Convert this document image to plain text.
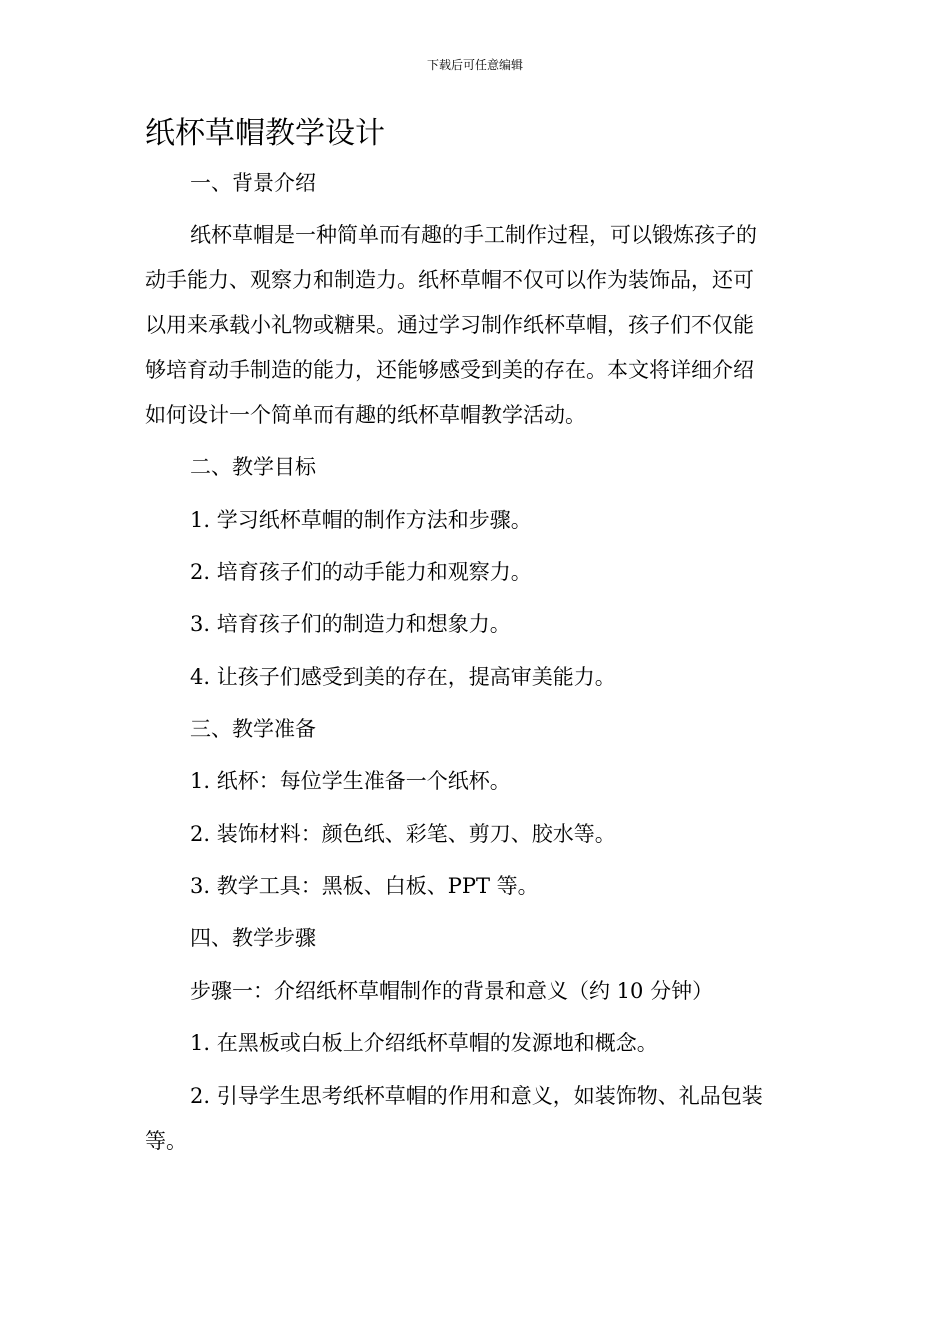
下载后可任意编辑
纸杯草帽教学设计
一、背景介绍
纸杯草帽是一种简单而有趣的手工制作过程，可以锻炼孩子的
动手能力、观察力和制造力。纸杯草帽不仅可以作为装饰品，还可
以用来承载小礼物或糖果。通过学习制作纸杯草帽，孩子们不仅能
够培育动手制造的能力，还能够感受到美的存在。本文将详细介绍
如何设计一个简单而有趣的纸杯草帽教学活动。
二、教学目标
1. 学习纸杯草帽的制作方法和步骤。
2. 培育孩子们的动手能力和观察力。
3. 培育孩子们的制造力和想象力。
4. 让孩子们感受到美的存在，提高审美能力。
三、教学准备
1. 纸杯：每位学生准备一个纸杯。
2. 装饰材料：颜色纸、彩笔、剪刀、胶水等。
3. 教学工具：黑板、白板、PPT 等。
四、教学步骤
步骤一：介绍纸杯草帽制作的背景和意义（约 10 分钟）
1. 在黑板或白板上介绍纸杯草帽的发源地和概念。
2. 引导学生思考纸杯草帽的作用和意义，如装饰物、礼品包装
等。
